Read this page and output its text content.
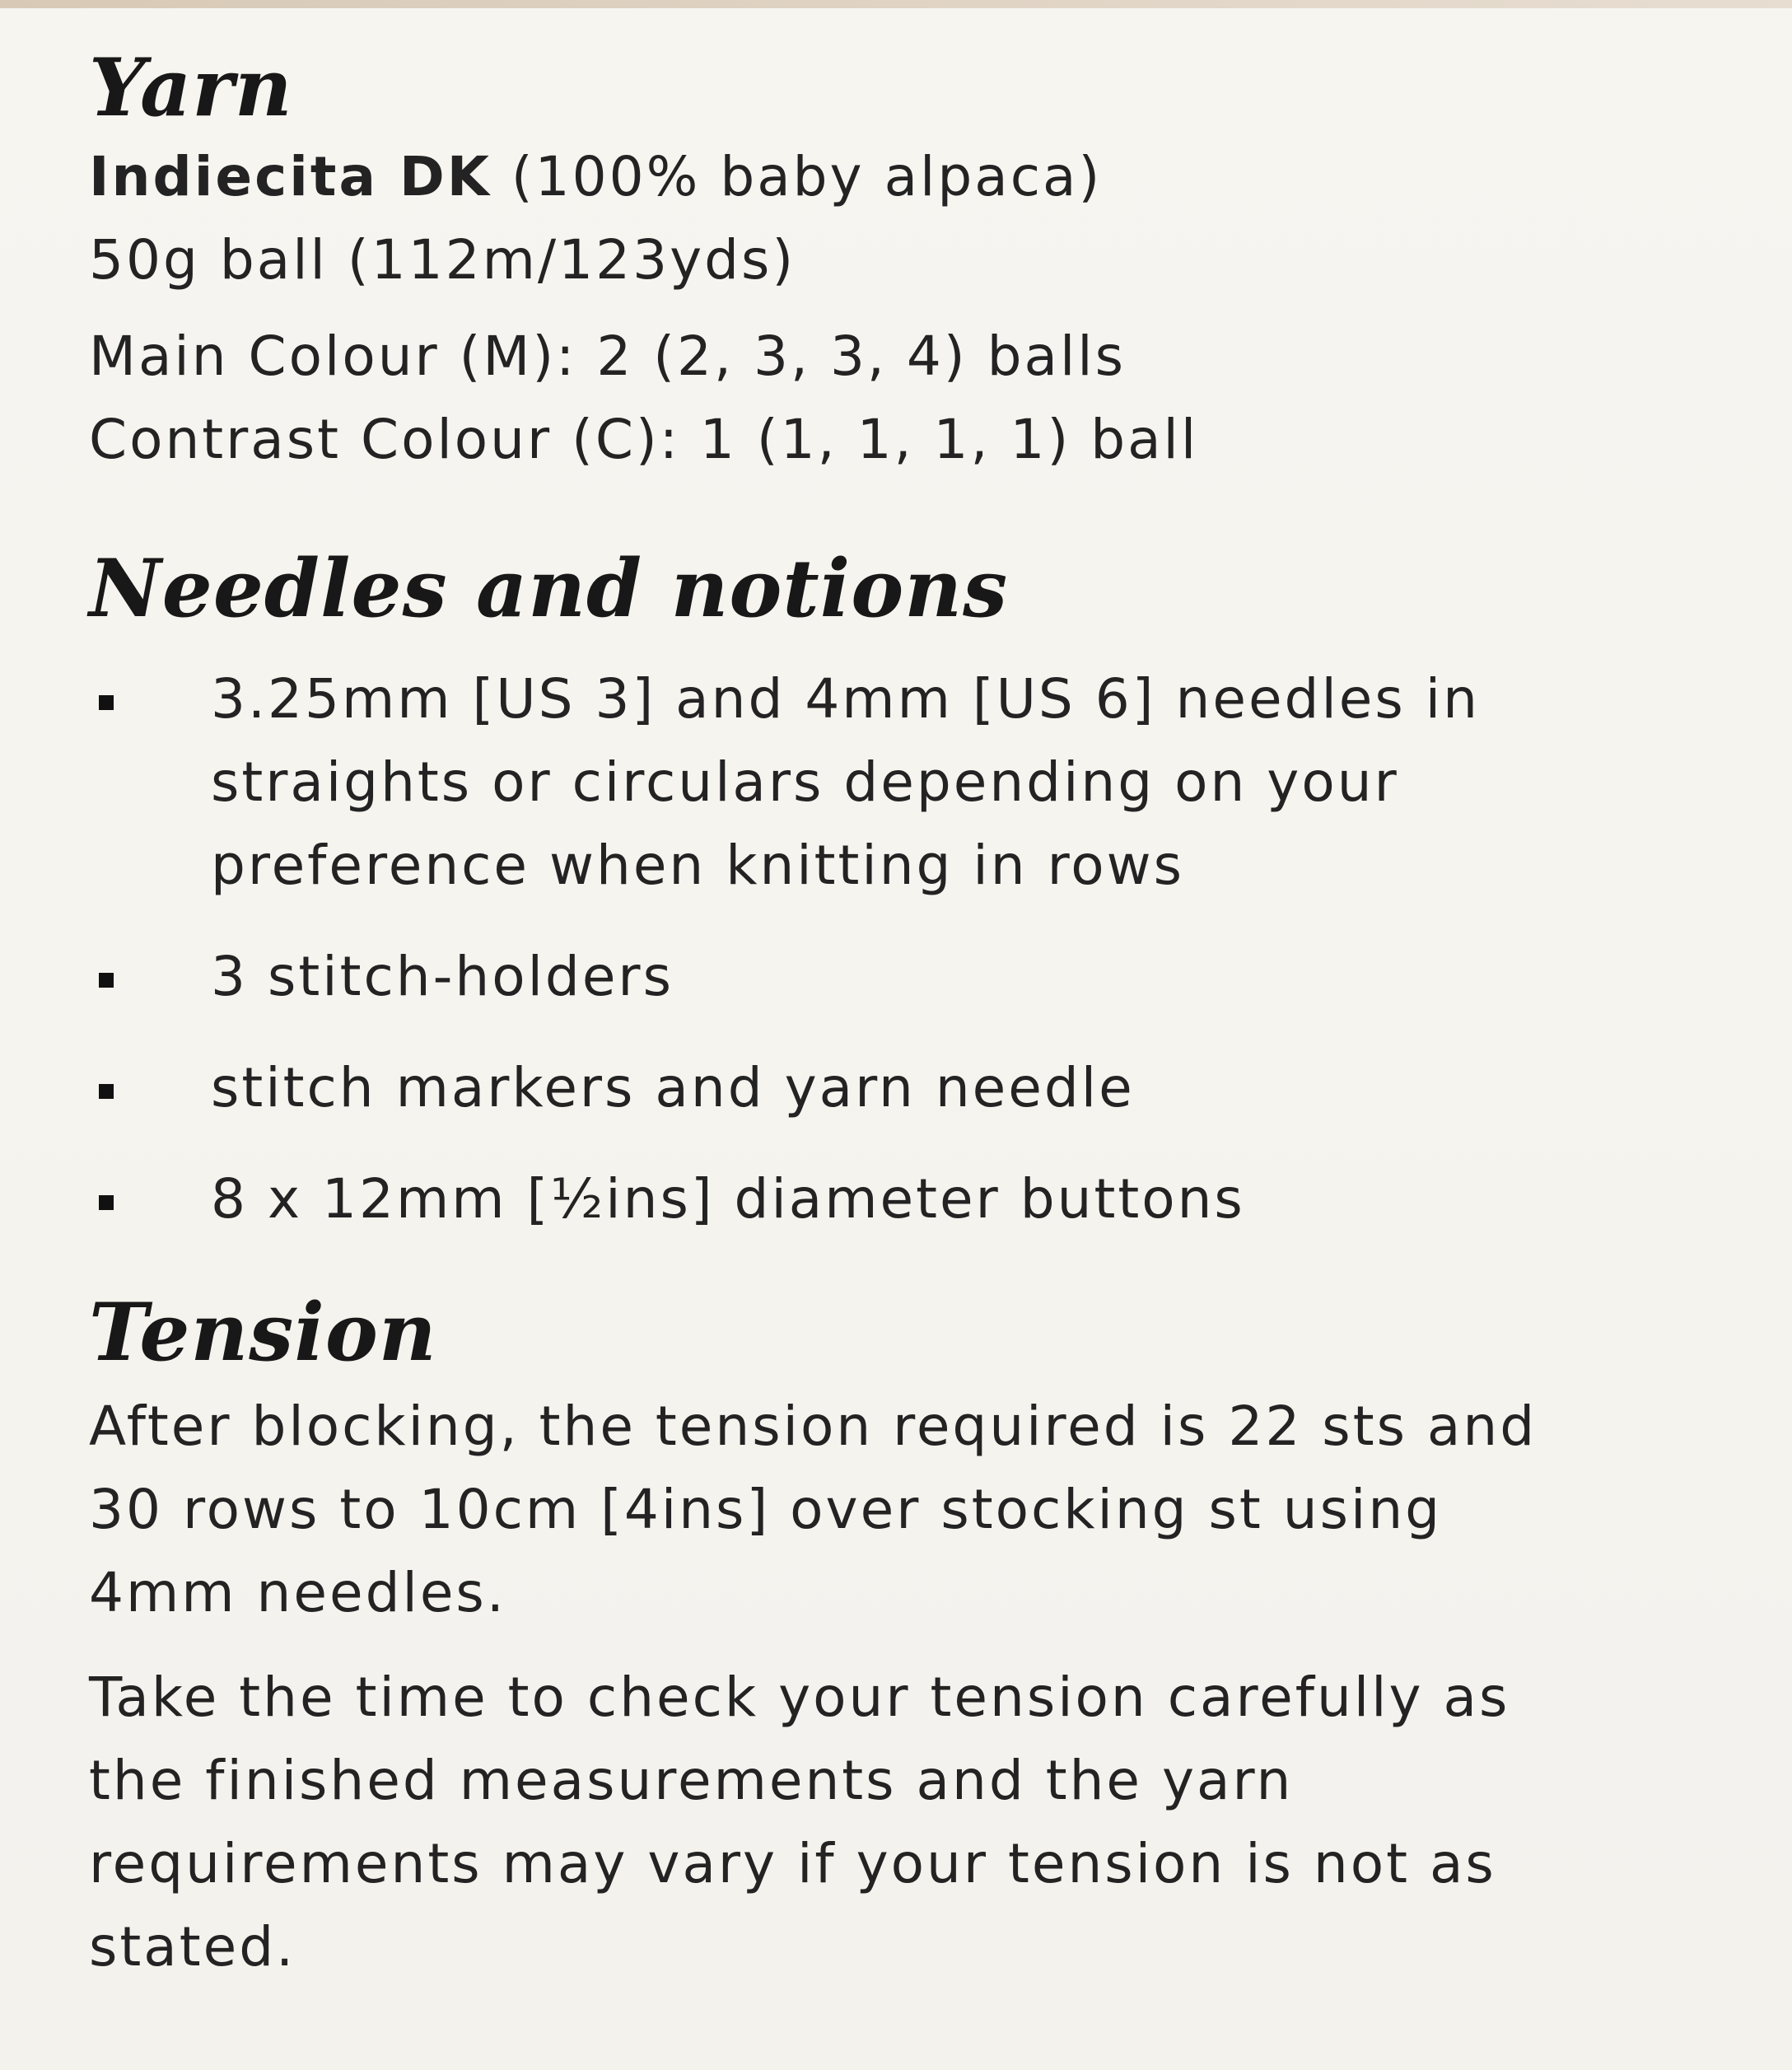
Yarn

Indiecita DK (100% baby alpaca)

50g ball (112m/123yds)

Main Colour (M): 2 (2, 3, 3, 4) balls

Contrast Colour (C): 1 (1, 1, 1, 1) ball

Needles and notions

3.25mm [US 3] and 4mm [US 6] needles in straights or circulars depending on your preference when knitting in rows

3 stitch-holders

stitch markers and yarn needle

8 x 12mm [½ins] diameter buttons

Tension

After blocking, the tension required is 22 sts and 30 rows to 10cm [4ins] over stocking st using 4mm needles.

Take the time to check your tension carefully as the finished measurements and the yarn requirements may vary if your tension is not as stated.
